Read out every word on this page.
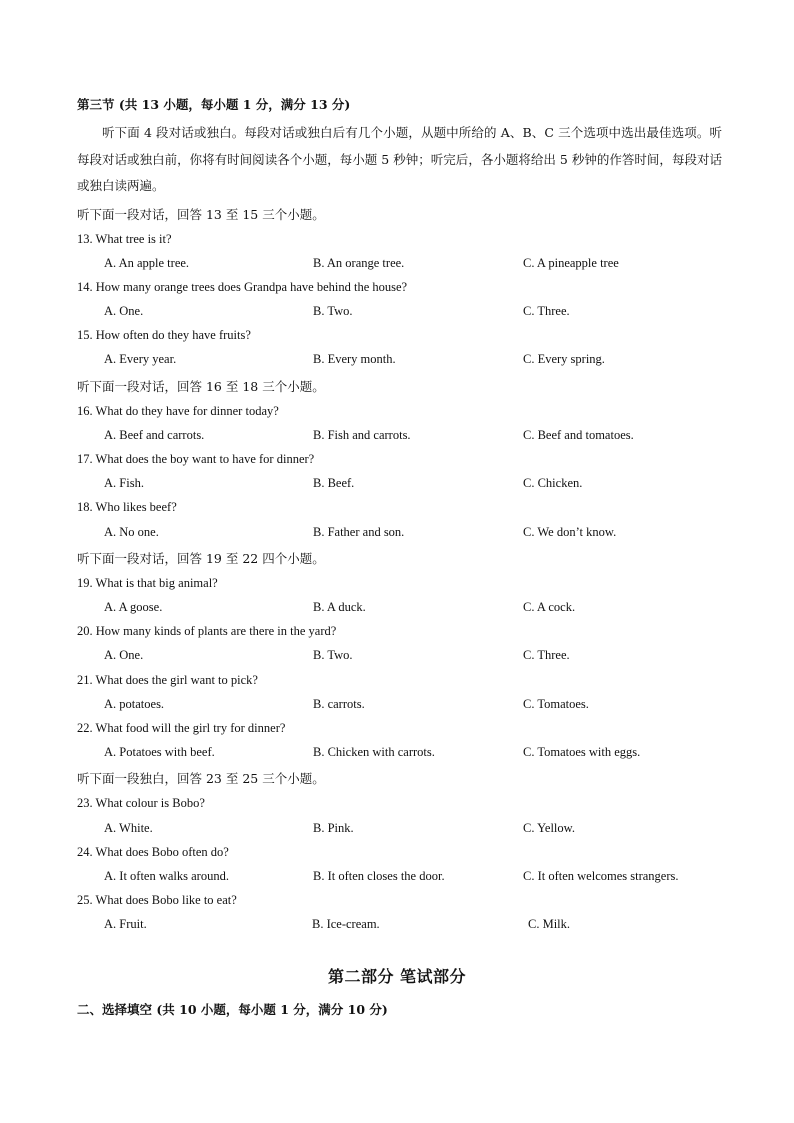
第三节 (共 13 小题，每小题 1 分，满分 13 分)
听下面 4 段对话或独白。每段对话或独白后有几个小题，从题中所给的 A、B、C 三个选项中选出最佳选项。听每段对话或独白前，你将有时间阅读各个小题，每小题 5 秒钟；听完后，各小题将给出 5 秒钟的作答时间，每段对话或独白读两遍。
听下面一段对话，回答 13 至 15 三个小题。
13. What tree is it?
A. An apple tree.	B. An orange tree.	C. A pineapple tree
14. How many orange trees does Grandpa have behind the house?
A. One.	B. Two.	C. Three.
15. How often do they have fruits?
A. Every year.	B. Every month.	C. Every spring.
听下面一段对话，回答 16 至 18 三个小题。
16. What do they have for dinner today?
A. Beef and carrots.	B. Fish and carrots.	C. Beef and tomatoes.
17. What does the boy want to have for dinner?
A. Fish.	B. Beef.	C. Chicken.
18. Who likes beef?
A. No one.	B. Father and son.	C. We don’t know.
听下面一段对话，回答 19 至 22 四个小题。
19. What is that big animal?
A. A goose.	B. A duck.	C. A cock.
20. How many kinds of plants are there in the yard?
A. One.	B. Two.	C. Three.
21. What does the girl want to pick?
A. potatoes.	B. carrots.	C. Tomatoes.
22. What food will the girl try for dinner?
A. Potatoes with beef.	B. Chicken with carrots.	C. Tomatoes with eggs.
听下面一段独白，回答 23 至 25 三个小题。
23. What colour is Bobo?
A. White.	B. Pink.	C. Yellow.
24. What does Bobo often do?
A. It often walks around.	B. It often closes the door.	C. It often welcomes strangers.
25. What does Bobo like to eat?
A. Fruit.	B. Ice-cream.	C. Milk.
第二部分 笔试部分
二、选择填空 (共 10 小题，每小题 1 分，满分 10 分)
